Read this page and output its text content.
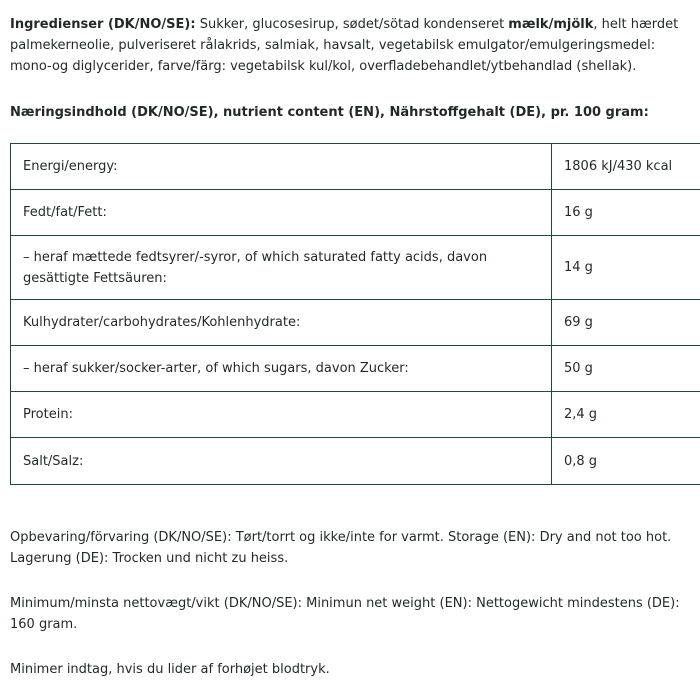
Ingredienser (DK/NO/SE): Sukker, glucosesirup, sødet/sötad kondenseret mælk/mjölk, helt hærdet palmekerneolie, pulveriseret rålakrids, salmiak, havsalt, vegetabilsk emulgator/emulgeringsmedel: mono-og diglycerider, farve/färg: vegetabilsk kul/kol, overfladebehandlet/ytbehandlad (shellak).
Næringsindhold (DK/NO/SE), nutrient content (EN), Nährstoffgehalt (DE), pr. 100 gram:
Energi/energy:	1806 kJ/430 kcal
Fedt/fat/Fett:	16 g
– heraf mættede fedtsyrer/-syror, of which saturated fatty acids, davon gesättigte Fettsäuren:	14 g
Kulhydrater/carbohydrates/Kohlenhydrate:	69 g
– heraf sukker/socker-arter, of which sugars, davon Zucker:	50 g
Protein:	2,4 g
Salt/Salz:	0,8 g
Opbevaring/förvaring (DK/NO/SE): Tørt/torrt og ikke/inte for varmt. Storage (EN): Dry and not too hot. Lagerung (DE): Trocken und nicht zu heiss.
Minimum/minsta nettovægt/vikt (DK/NO/SE): Minimun net weight (EN): Nettogewicht mindestens (DE): 160 gram.
Minimer indtag, hvis du lider af forhøjet blodtryk.
